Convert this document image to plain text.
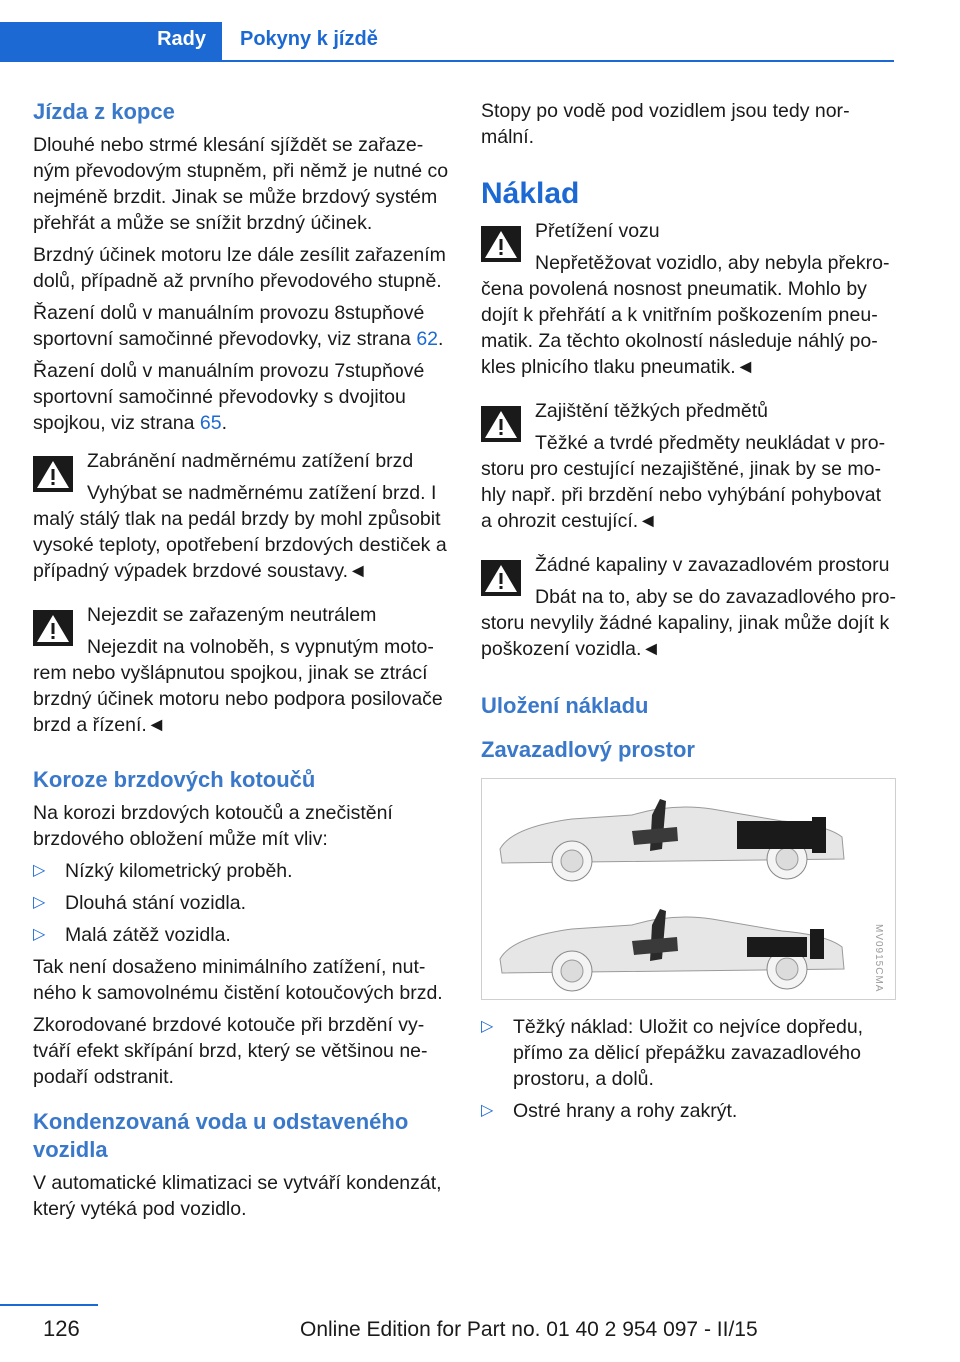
Rady	Pokyny k jízdě
Jízda z kopce

Dlouhé nebo strmé klesání sjíždět se zařazeným převodovým stupněm, při němž je nutné co nejméně brzdit. Jinak se může brzdový systém přehřát a může se snížit brzdný účinek.

Brzdný účinek motoru lze dále zesílit zařazením dolů, případně až prvního převodového stupně.

Řazení dolů v manuálním provozu 8stupňové sportovní samočinné převodovky, viz strana 62.

Řazení dolů v manuálním provozu 7stupňové sportovní samočinné převodovky s dvojitou spojkou, viz strana 65.

Zabránění nadměrnému zatížení brzd

Vyhýbat se nadměrnému zatížení brzd. I malý stálý tlak na pedál brzdy by mohl způsobit vysoké teploty, opotřebení brzdových destiček a případný výpadek brzdové soustavy.◄

Nejezdit se zařazeným neutrálem

Nejezdit na volnoběh, s vypnutým motorem nebo vyšlápnutou spojkou, jinak se ztrácí brzdný účinek motoru nebo podpora posilovače brzd a řízení.◄

Koroze brzdových kotoučů

Na korozi brzdových kotoučů a znečistění brzdového obložení může mít vliv:

▷ Nízký kilometrický proběh.
▷ Dlouhá stání vozidla.
▷ Malá zátěž vozidla.

Tak není dosaženo minimálního zatížení, nutného k samovolnému čistění kotoučových brzd.

Zkorodované brzdové kotouče při brzdění vytváří efekt skřípání brzd, který se většinou nepodaří odstranit.

Kondenzovaná voda u odstaveného vozidla

V automatické klimatizaci se vytváří kondenzát, který vytéká pod vozidlo.

Stopy po vodě pod vozidlem jsou tedy normální.

Náklad

Přetížení vozu

Nepřetěžovat vozidlo, aby nebyla překročena povolená nosnost pneumatik. Mohlo by dojít k přehřátí a k vnitřním poškozením pneumatik. Za těchto okolností následuje náhlý pokles plnicího tlaku pneumatik.◄

Zajištění těžkých předmětů

Těžké a tvrdé předměty neukládat v prostoru pro cestující nezajištěné, jinak by se mohly např. při brzdění nebo vyhýbání pohybovat a ohrozit cestující.◄

Žádné kapaliny v zavazadlovém prostoru

Dbát na to, aby se do zavazadlového prostoru nevylily žádné kapaliny, jinak může dojít k poškození vozidla.◄

Uložení nákladu
Zavazadlový prostor
MV0915CMA
▷ Těžký náklad: Uložit co nejvíce dopředu, přímo za dělicí přepážku zavazadlového prostoru, a dolů.
▷ Ostré hrany a rohy zakrýt.
126	Online Edition for Part no. 01 40 2 954 097 - II/15
